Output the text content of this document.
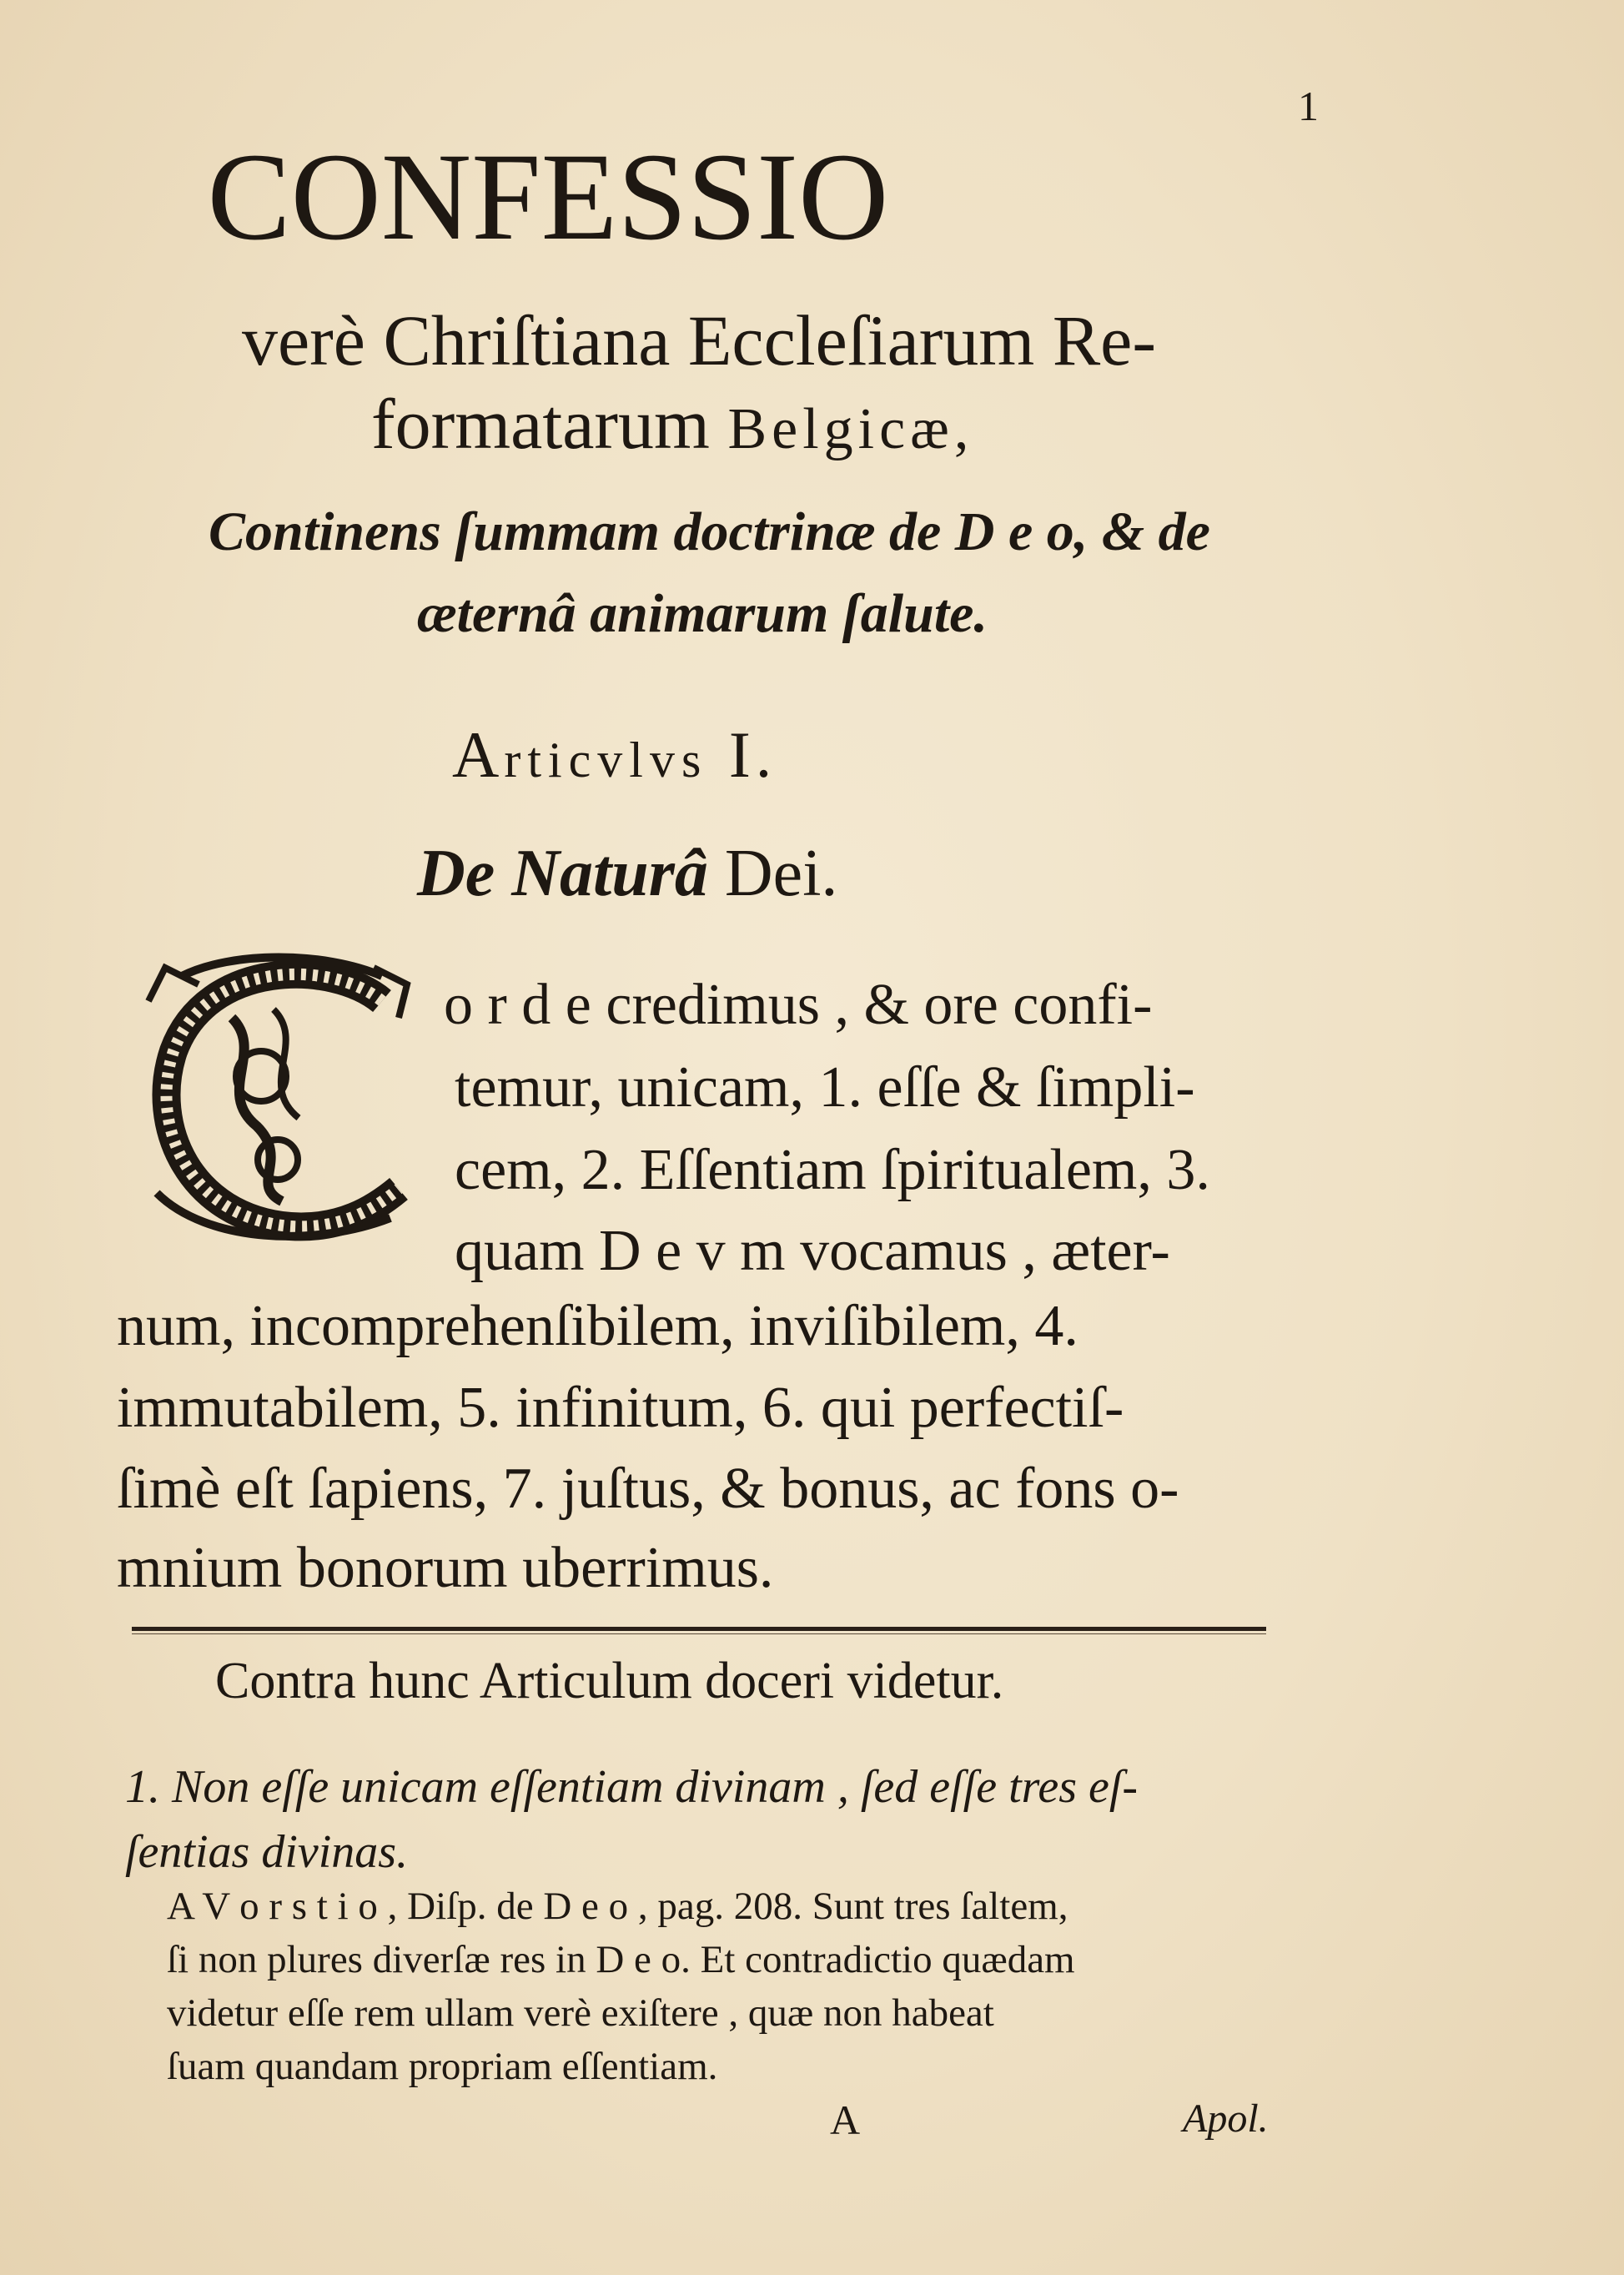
1
CONFESSIO
verè Chriſtiana Eccleſiarum Re-
formatarum Belgicæ,
Continens ſummam doctrinæ de D e o, & de
æternâ animarum ſalute.
Articvlvs I.
De Naturâ Dei.
o r d e credimus , & ore confi-
temur, unicam, 1. eſſe & ſimpli-
cem, 2. Eſſentiam ſpiritualem, 3.
quam D e v m vocamus , æter-
num, incomprehenſibilem, inviſibilem, 4.
immutabilem, 5. infinitum, 6. qui perfectiſ-
ſimè eſt ſapiens, 7. juſtus, & bonus, ac fons o-
mnium bonorum uberrimus.
Contra hunc Articulum doceri videtur.
1. Non eſſe unicam eſſentiam divinam , ſed eſſe tres eſ-
ſentias divinas.
A V o r s t i o , Diſp. de D e o , pag. 208. Sunt tres ſaltem,
ſi non plures diverſæ res in D e o. Et contradictio quædam
videtur eſſe rem ullam verè exiſtere , quæ non habeat
ſuam quandam propriam eſſentiam.
A	Apol.
